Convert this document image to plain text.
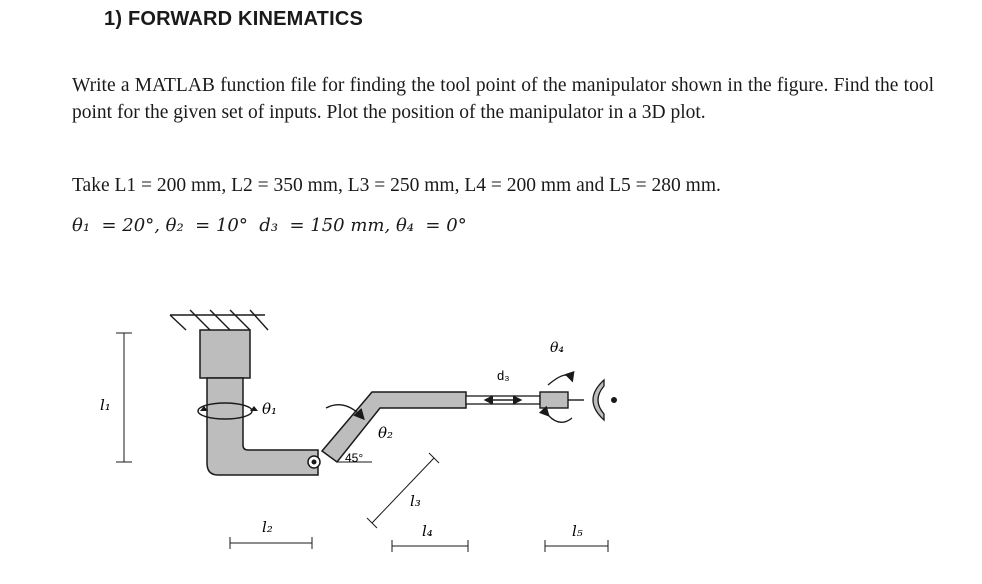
1) FORWARD KINEMATICS
Write a MATLAB function file for finding the tool point of the manipulator shown in the figure. Find the tool point for the given set of inputs. Plot the position of the manipulator in a 3D plot.
Take L1 = 200 mm, L2 = 350 mm, L3 = 250 mm, L4 = 200 mm and L5 = 280 mm.
θ₁  = 20°, θ₂  = 10°  d₃  = 150 mm, θ₄  = 0°
45°
d₃
θ₄
θ₁
θ₂
l₁
l₂
l₃
l₄	l₅
